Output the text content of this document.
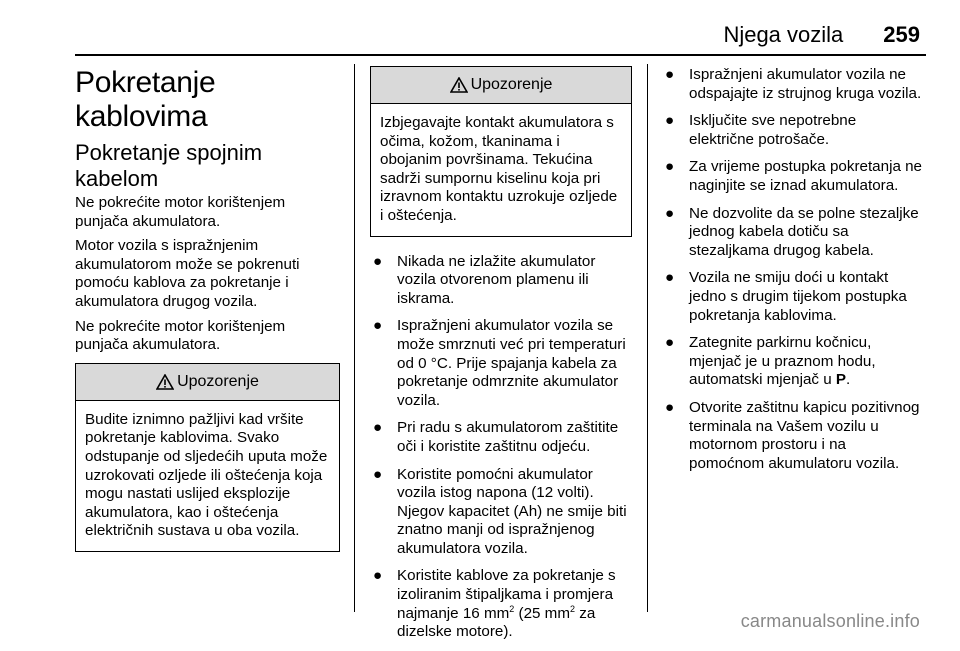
Njega vozila 259
Pokretanje kablovima
Pokretanje spojnim kabelom

Ne pokrećite motor korištenjem punjača akumulatora.

Motor vozila s ispražnjenim akumulatorom može se pokrenuti pomoću kablova za pokretanje i akumulatora drugog vozila.

Ne pokrećite motor korištenjem punjača akumulatora.

Upozorenje
Budite iznimno pažljivi kad vršite pokretanje kablovima. Svako odstupanje od sljedećih uputa može uzrokovati ozljede ili oštećenja koja mogu nastati uslijed eksplozije akumulatora, kao i oštećenja električnih sustava u oba vozila.
Upozorenje
Izbjegavajte kontakt akumulatora s očima, kožom, tkaninama i obojanim površinama. Tekućina sadrži sumpornu kiselinu koja pri izravnom kontaktu uzrokuje ozljede i oštećenja.
● Nikada ne izlažite akumulator vozila otvorenom plamenu ili iskrama.
● Ispražnjeni akumulator vozila se može smrznuti već pri temperaturi od 0 °C. Prije spajanja kabela za pokretanje odmrznite akumulator vozila.
● Pri radu s akumulatorom zaštitite oči i koristite zaštitnu odjeću.
● Koristite pomoćni akumulator vozila istog napona (12 volti). Njegov kapacitet (Ah) ne smije biti znatno manji od ispražnjenog akumulatora vozila.
● Koristite kablove za pokretanje s izoliranim štipaljkama i promjera najmanje 16 $mm^2$ (25 $mm^2$ za dizelske motore).
● Ispražnjeni akumulator vozila ne odspajajte iz strujnog kruga vozila.
● Isključite sve nepotrebne električne potrošače.
● Za vrijeme postupka pokretanja ne naginjite se iznad akumulatora.
● Ne dozvolite da se polne stezaljke jednog kabela dotiču sa stezaljkama drugog kabela.
● Vozila ne smiju doći u kontakt jedno s drugim tijekom postupka pokretanja kablovima.
● Zategnite parkirnu kočnicu, mjenjač je u praznom hodu, automatski mjenjač u P.
● Otvorite zaštitnu kapicu pozitivnog terminala na Vašem vozilu u motornom prostoru i na pomoćnom akumulatoru vozila.
carmanualsonline.info
